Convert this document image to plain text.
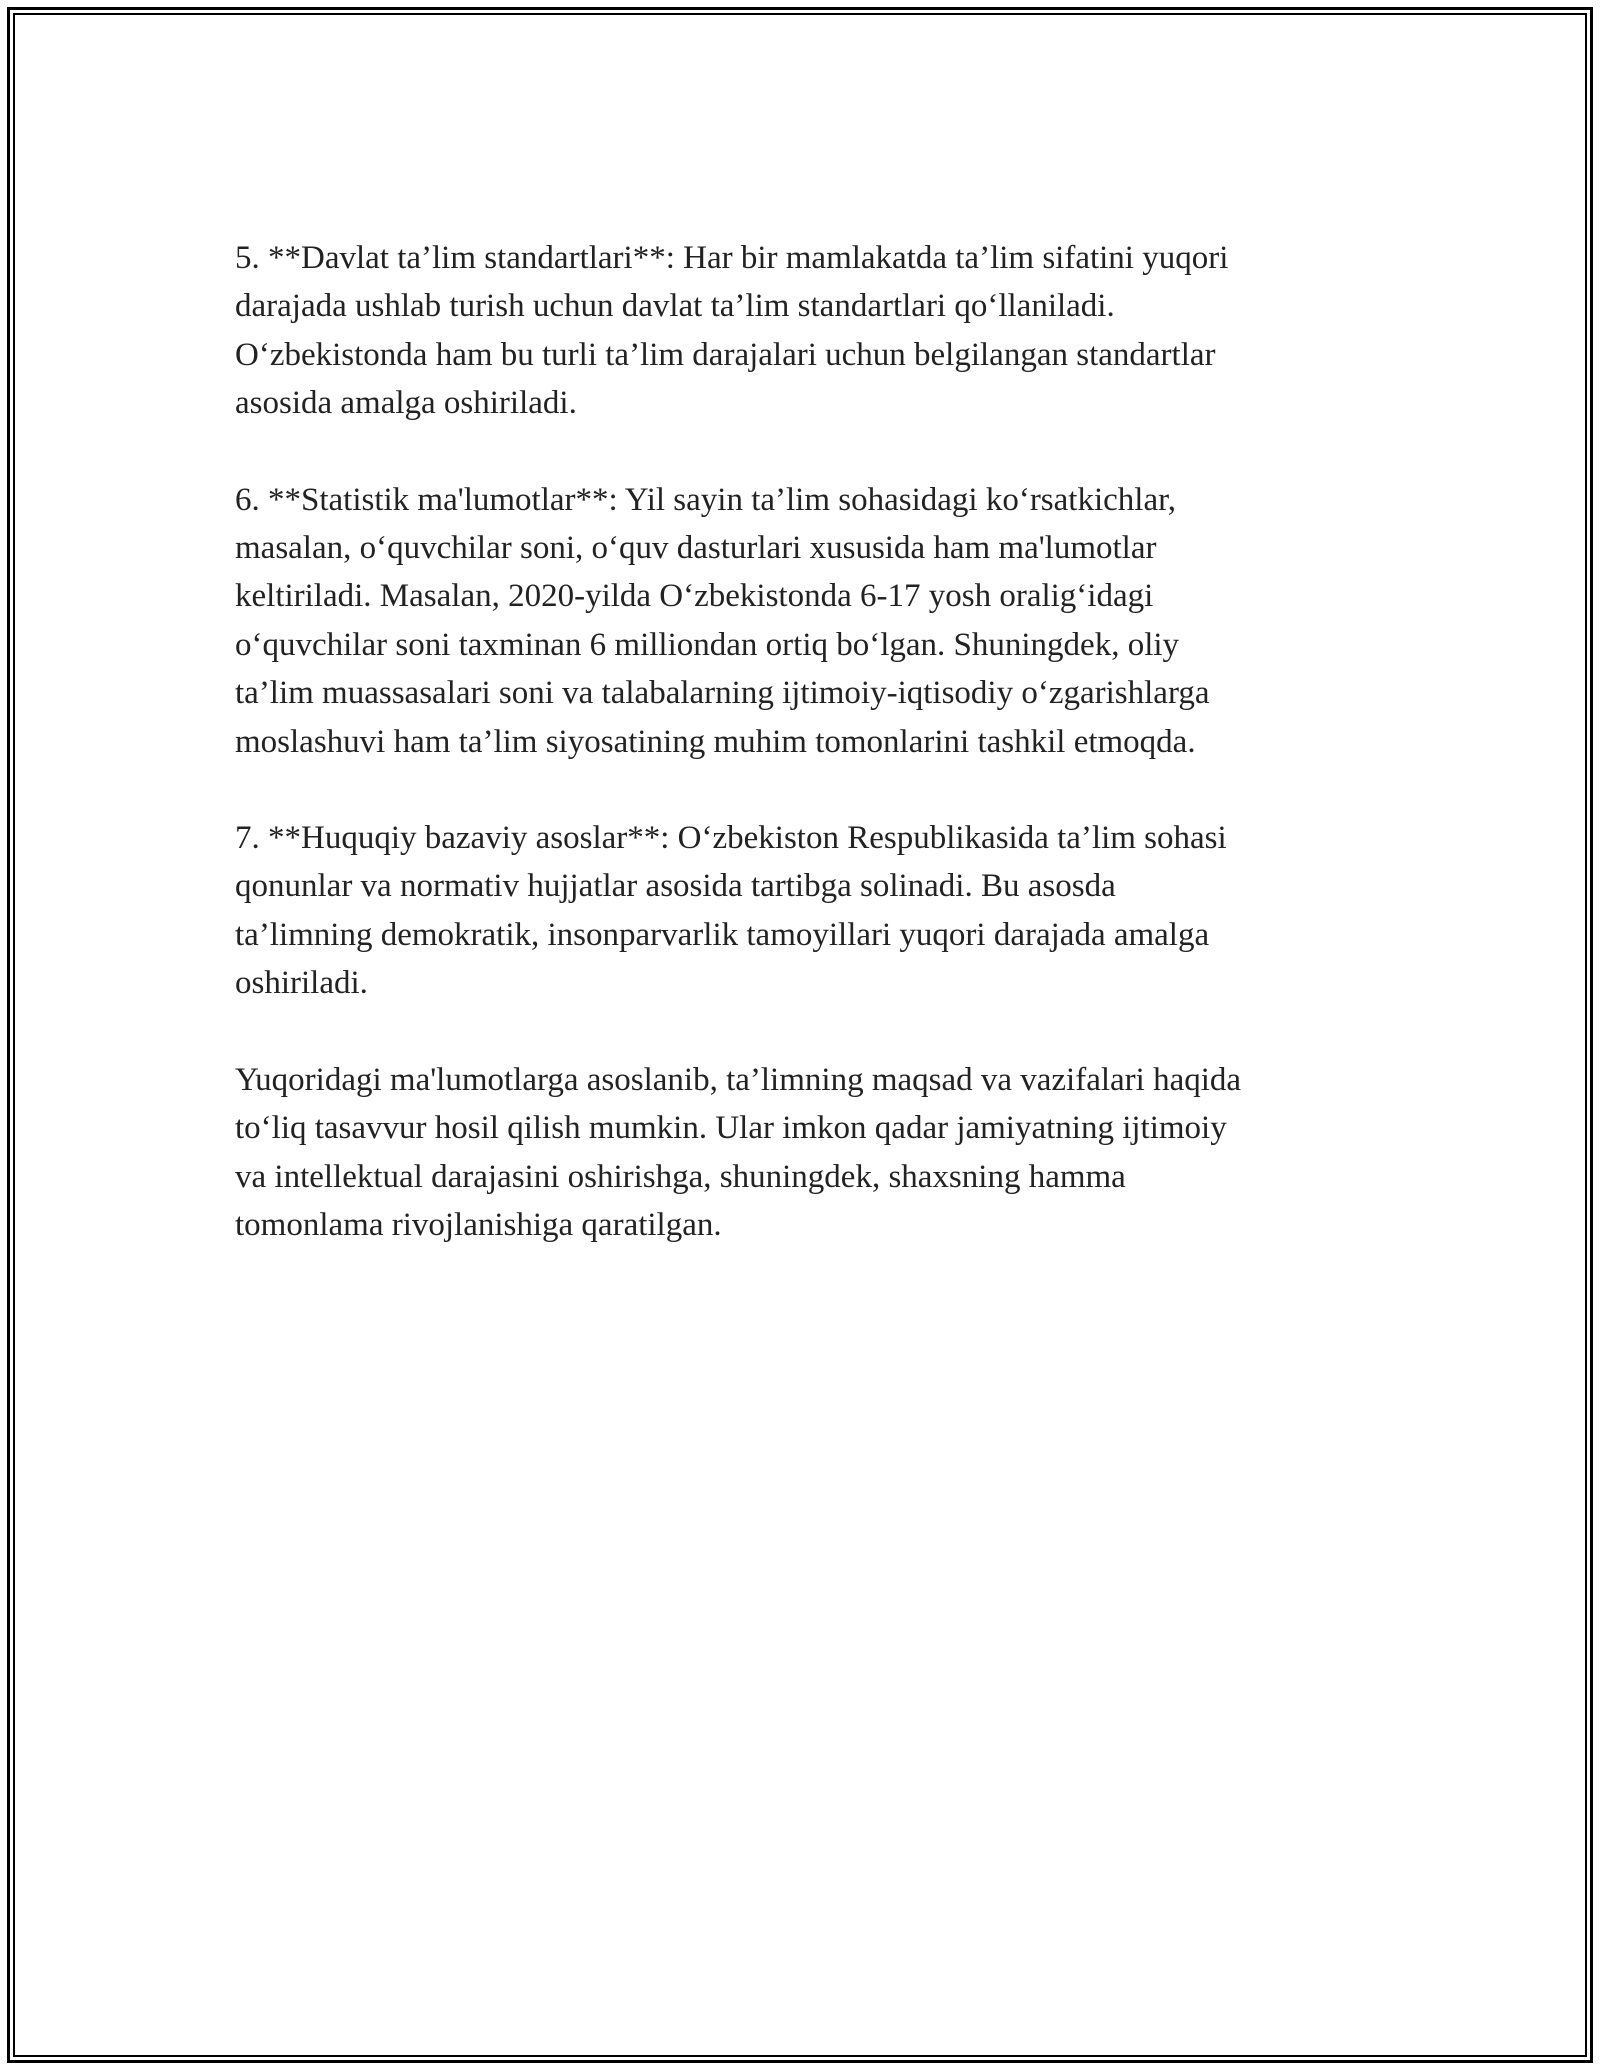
5. **Davlat ta’lim standartlari**: Har bir mamlakatda ta’lim sifatini yuqori
darajada ushlab turish uchun davlat ta’lim standartlari qo‘llaniladi.
O‘zbekistonda ham bu turli ta’lim darajalari uchun belgilangan standartlar
asosida amalga oshiriladi.

6. **Statistik ma'lumotlar**: Yil sayin ta’lim sohasidagi ko‘rsatkichlar,
masalan, o‘quvchilar soni, o‘quv dasturlari xususida ham ma'lumotlar
keltiriladi. Masalan, 2020-yilda O‘zbekistonda 6-17 yosh oralig‘idagi
o‘quvchilar soni taxminan 6 milliondan ortiq bo‘lgan. Shuningdek, oliy
ta’lim muassasalari soni va talabalarning ijtimoiy-iqtisodiy o‘zgarishlarga
moslashuvi ham ta’lim siyosatining muhim tomonlarini tashkil etmoqda.

7. **Huquqiy bazaviy asoslar**: O‘zbekiston Respublikasida ta’lim sohasi
qonunlar va normativ hujjatlar asosida tartibga solinadi. Bu asosda
ta’limning demokratik, insonparvarlik tamoyillari yuqori darajada amalga
oshiriladi.

Yuqoridagi ma'lumotlarga asoslanib, ta’limning maqsad va vazifalari haqida
to‘liq tasavvur hosil qilish mumkin. Ular imkon qadar jamiyatning ijtimoiy
va intellektual darajasini oshirishga, shuningdek, shaxsning hamma
tomonlama rivojlanishiga qaratilgan.
